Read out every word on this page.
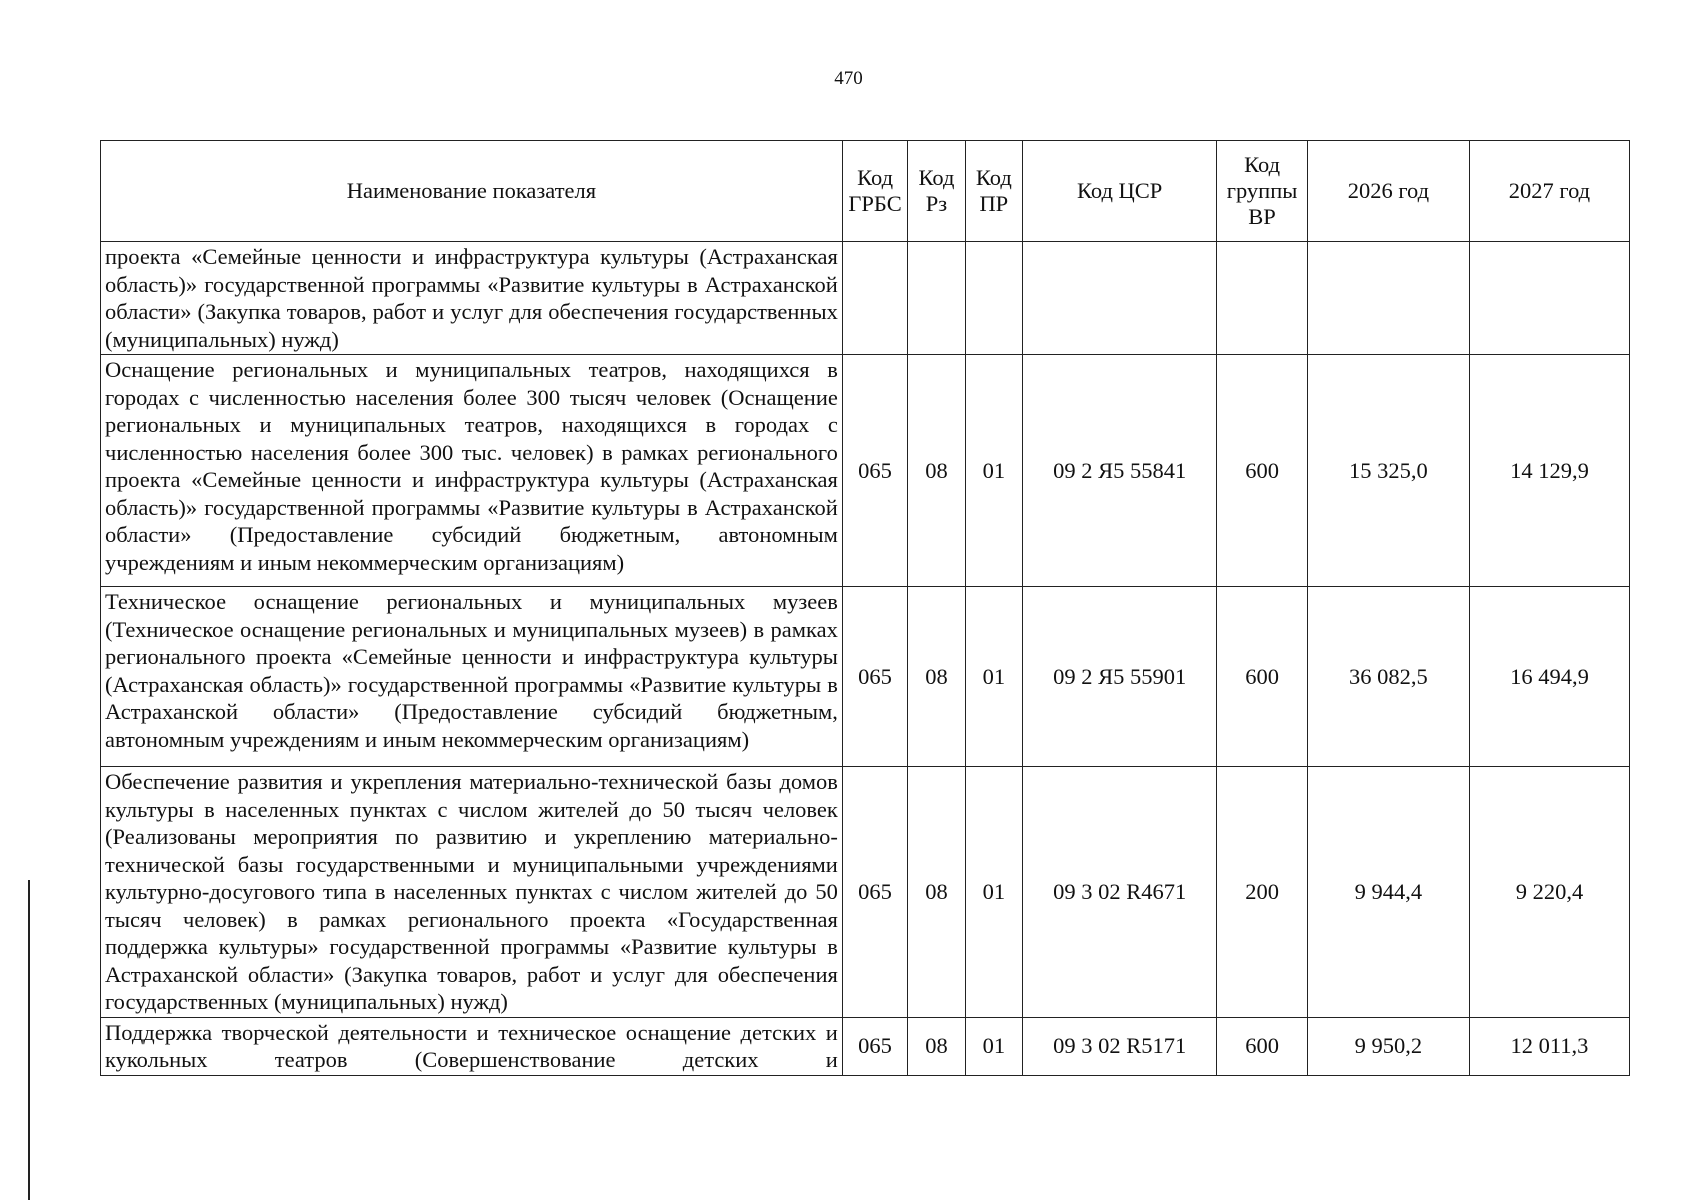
470
Наименование показателя	Код ГРБС	Код Рз	Код ПР	Код ЦСР	Код группы ВР	2026 год	2027 год
проекта «Семейные ценности и инфраструктура культуры (Астраханская область)» государственной программы «Развитие культуры в Астраханской области» (Закупка товаров, работ и услуг для обеспечения государственных (муниципальных) нужд)							
Оснащение региональных и муниципальных театров, находящихся в городах с численностью населения более 300 тысяч человек (Оснащение региональных и муниципальных театров, находящихся в городах с численностью населения более 300 тыс. человек) в рамках регионального проекта «Семейные ценности и инфраструктура культуры (Астраханская область)» государственной программы «Развитие культуры в Астраханской области» (Предоставление субсидий бюджетным, автономным учреждениям и иным некоммерческим организациям)	065	08	01	09 2 Я5 55841	600	15 325,0	14 129,9
Техническое оснащение региональных и муниципальных музеев (Техническое оснащение региональных и муниципальных музеев) в рамках регионального проекта «Семейные ценности и инфраструктура культуры (Астраханская область)» государственной программы «Развитие культуры в Астраханской области» (Предоставление субсидий бюджетным, автономным учреждениям и иным некоммерческим организациям)	065	08	01	09 2 Я5 55901	600	36 082,5	16 494,9
Обеспечение развития и укрепления материально-технической базы домов культуры в населенных пунктах с числом жителей до 50 тысяч человек (Реализованы мероприятия по развитию и укреплению материально-технической базы государственными и муниципальными учреждениями культурно-досугового типа в населенных пунктах с числом жителей до 50 тысяч человек) в рамках регионального проекта «Государственная поддержка культуры» государственной программы «Развитие культуры в Астраханской области» (Закупка товаров, работ и услуг для обеспечения государственных (муниципальных) нужд)	065	08	01	09 3 02 R4671	200	9 944,4	9 220,4
Поддержка творческой деятельности и техническое оснащение детских и кукольных театров (Совершенствование детских и	065	08	01	09 3 02 R5171	600	9 950,2	12 011,3
